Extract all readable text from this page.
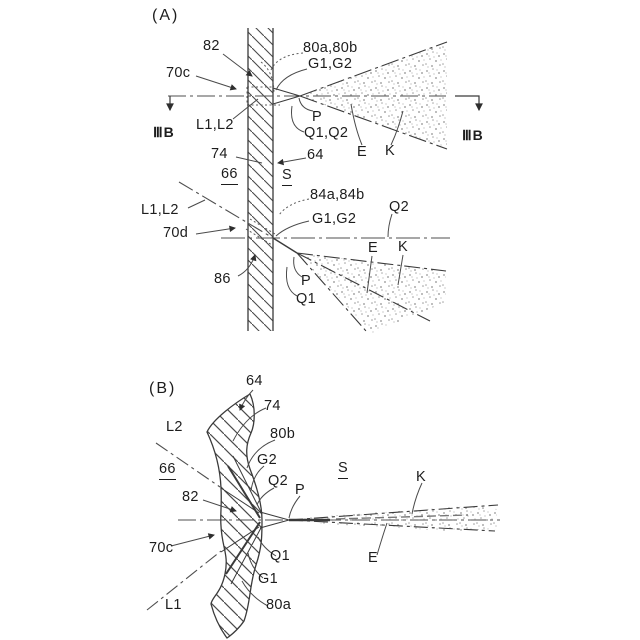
(A)
82
70c
ⅢB L1,L2
80a,80b
G1,G2
P
Q1,Q2	ⅢB
E K
74	64
66	S
84a,84b
Q2
L1,L2
G1,G2
70d
86	P
Q1
E K
(B)	64
74
L2	80b
G2
66
Q2
P
82
S
K
70c	Q1
G1
E
L1	80a
